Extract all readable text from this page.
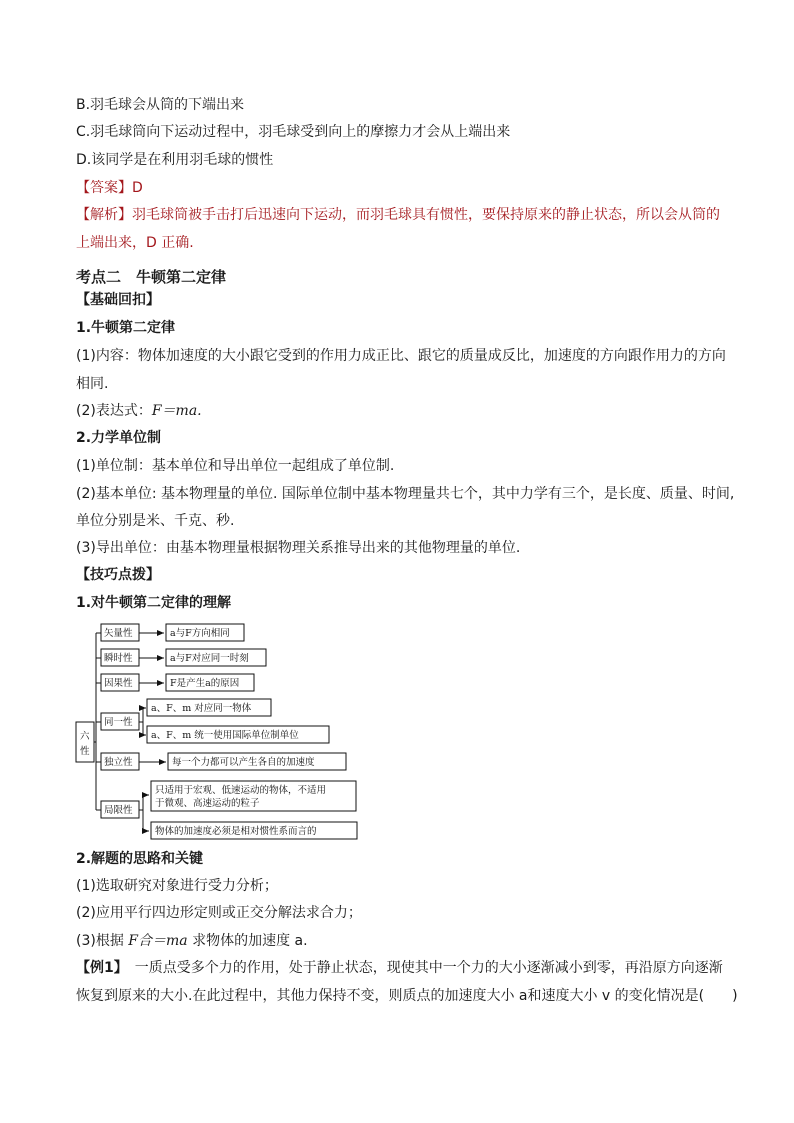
B.羽毛球会从筒的下端出来
C.羽毛球筒向下运动过程中，羽毛球受到向上的摩擦力才会从上端出来
D.该同学是在利用羽毛球的惯性
【答案】D
【解析】羽毛球筒被手击打后迅速向下运动，而羽毛球具有惯性，要保持原来的静止状态，所以会从筒的
上端出来，D 正确.
考点二　牛顿第二定律
【基础回扣】
1.牛顿第二定律
(1)内容：物体加速度的大小跟它受到的作用力成正比、跟它的质量成反比，加速度的方向跟作用力的方向
相同.
(2)表达式：F＝ma.
2.力学单位制
(1)单位制：基本单位和导出单位一起组成了单位制.
(2)基本单位: 基本物理量的单位. 国际单位制中基本物理量共七个，其中力学有三个，是长度、质量、时间,
单位分别是米、千克、秒.
(3)导出单位：由基本物理量根据物理关系推导出来的其他物理量的单位.
【技巧点拨】
1.对牛顿第二定律的理解
六
性
矢量性	a与F方向相同
瞬时性	a与F对应同一时刻
因果性	F是产生a的原因
同一性
a、F、m 对应同一物体
a、F、m 统一使用国际单位制单位
独立性	每一个力都可以产生各自的加速度
局限性
只适用于宏观、低速运动的物体，不适用
于微观、高速运动的粒子
物体的加速度必须是相对惯性系而言的
2.解题的思路和关键
(1)选取研究对象进行受力分析；
(2)应用平行四边形定则或正交分解法求合力；
(3)根据 F合＝ma 求物体的加速度 a.
【例1】　一质点受多个力的作用，处于静止状态，现使其中一个力的大小逐渐减小到零，再沿原方向逐渐
恢复到原来的大小.在此过程中，其他力保持不变，则质点的加速度大小 a和速度大小 v 的变化情况是(　　)
